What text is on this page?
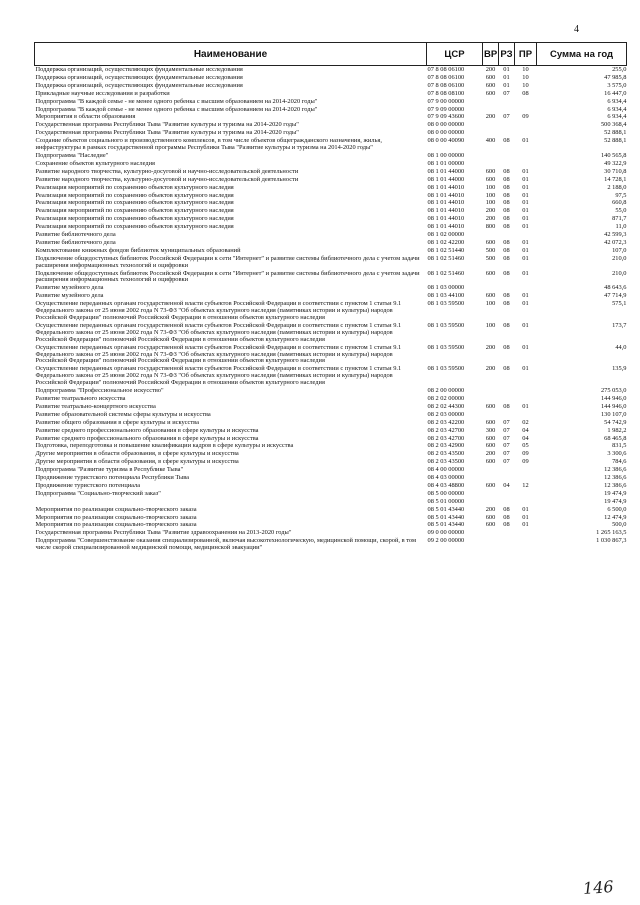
4
Наименование	ЦСР	ВР	РЗ	ПР	Сумма на год
Поддержка организаций, осуществляющих фундаментальные исследования	07 8 08 06100	200	01	10	255,0
Поддержка организаций, осуществляющих фундаментальные исследования	07 8 08 06100	600	01	10	47 985,8
Поддержка организаций, осуществляющих фундаментальные исследования	07 8 08 06100	600	01	10	3 575,0
Прикладные научные исследования и разработки	07 8 08 08100	600	07	08	16 447,0
Подпрограмма "В каждой семье - не менее одного ребенка с высшим образованием на 2014-2020 годы"	07 9 00 00000				6 934,4
Подпрограмма "В каждой семье - не менее одного ребенка с высшим образованием на 2014-2020 годы"	07 9 09 00000				6 934,4
Мероприятия в области образования	07 9 09 43600	200	07	09	6 934,4
Государственная программа Республики Тыва "Развитие культуры и туризма на 2014-2020 годы"	08 0 00 00000				500 368,4
Государственная программа Республики Тыва "Развитие культуры и туризма на 2014-2020 годы"	08 0 00 00000				52 888,1
Создание объектов социального и производственного комплексов, в том числе объектов общегражданского назначения, жилья, инфраструктуры в рамках государственной программы Республики Тыва "Развитие культуры и туризма на 2014-2020 годы"	08 0 00 40090	400	08	01	52 888,1
Подпрограмма "Наследие"	08 1 00 00000				140 565,8
Сохранение объектов культурного наследия	08 1 01 00000				49 322,9
Развитие народного творчества, культурно-досуговой и научно-исследовательской деятельности	08 1 01 44000	600	08	01	30 710,8
Развитие народного творчества, культурно-досуговой и научно-исследовательской деятельности	08 1 01 44000	600	08	01	14 728,1
Реализация мероприятий по сохранению объектов культурного наследия	08 1 01 44010	100	08	01	2 188,0
Реализация мероприятий по сохранению объектов культурного наследия	08 1 01 44010	100	08	01	97,5
Реализация мероприятий по сохранению объектов культурного наследия	08 1 01 44010	100	08	01	660,8
Реализация мероприятий по сохранению объектов культурного наследия	08 1 01 44010	200	08	01	55,0
Реализация мероприятий по сохранению объектов культурного наследия	08 1 01 44010	200	08	01	871,7
Реализация мероприятий по сохранению объектов культурного наследия	08 1 01 44010	800	08	01	11,0
Развитие библиотечного дела	08 1 02 00000				42 599,3
Развитие библиотечного дела	08 1 02 42200	600	08	01	42 072,3
Комплектование книжных фондов библиотек муниципальных образований	08 1 02 51440	500	08	01	107,0
Подключение общедоступных библиотек Российской Федерации к сети "Интернет" и развитие системы библиотечного дела с учетом задачи расширения информационных технологий и оцифровки	08 1 02 51460	500	08	01	210,0
Подключение общедоступных библиотек Российской Федерации к сети "Интернет" и развитие системы библиотечного дела с учетом задачи расширения информационных технологий и оцифровки	08 1 02 51460	600	08	01	210,0
Развитие музейного дела	08 1 03 00000				48 643,6
Развитие музейного дела	08 1 03 44100	600	08	01	47 714,9
Осуществление переданных органам государственной власти субъектов Российской Федерации в соответствии с пунктом 1 статьи 9.1 Федерального закона от 25 июня 2002 года N 73-ФЗ "Об объектах культурного наследия (памятниках истории и культуры) народов Российской Федерации" полномочий Российской Федерации в отношении объектов культурного наследия	08 1 03 59500	100	08	01	575,1
Осуществление переданных органам государственной власти субъектов Российской Федерации в соответствии с пунктом 1 статьи 9.1 Федерального закона от 25 июня 2002 года N 73-ФЗ "Об объектах культурного наследия (памятниках истории и культуры) народов Российской Федерации" полномочий Российской Федерации в отношении объектов культурного наследия	08 1 03 59500	100	08	01	173,7
Осуществление переданных органам государственной власти субъектов Российской Федерации в соответствии с пунктом 1 статьи 9.1 Федерального закона от 25 июня 2002 года N 73-ФЗ "Об объектах культурного наследия (памятниках истории и культуры) народов Российской Федерации" полномочий Российской Федерации в отношении объектов культурного наследия	08 1 03 59500	200	08	01	44,0
Осуществление переданных органам государственной власти субъектов Российской Федерации в соответствии с пунктом 1 статьи 9.1 Федерального закона от 25 июня 2002 года N 73-ФЗ "Об объектах культурного наследия (памятниках истории и культуры) народов Российской Федерации" полномочий Российской Федерации в отношении объектов культурного наследия	08 1 03 59500	200	08	01	135,9
Подпрограмма "Профессиональное искусство"	08 2 00 00000				275 053,0
Развитие театрального искусства	08 2 02 00000				144 946,0
Развитие театрально-концертного искусства	08 2 02 44300	600	08	01	144 946,0
Развитие образовательной системы сферы культуры и искусства	08 2 03 00000				130 107,0
Развитие общего образования в сфере культуры и искусства	08 2 03 42200	600	07	02	54 742,9
Развитие среднего профессионального образования в сфере культуры и искусства	08 2 03 42700	300	07	04	1 982,2
Развитие среднего профессионального образования в сфере культуры и искусства	08 2 03 42700	600	07	04	68 465,8
Подготовка, переподготовка и повышение квалификации кадров в сфере культуры и искусства	08 2 03 42900	600	07	05	831,5
Другие мероприятия в области образования, в сфере культуры и искусства	08 2 03 43500	200	07	09	3 300,6
Другие мероприятия в области образования, в сфере культуры и искусства	08 2 03 43500	600	07	09	784,6
Подпрограмма "Развитие туризма в Республике Тыва"	08 4 00 00000				12 386,6
Продвижение туристского потенциала Республики Тыва	08 4 03 00000				12 386,6
Продвижение туристского потенциала	08 4 03 48800	600	04	12	12 386,6
Подпрограмма "Социально-творческий заказ"	08 5 00 00000				19 474,9
	08 5 01 00000				19 474,9
Мероприятия по реализации социально-творческого заказа	08 5 01 43440	200	08	01	6 500,0
Мероприятия по реализации социально-творческого заказа	08 5 01 43440	600	08	01	12 474,9
Мероприятия по реализации социально-творческого заказа	08 5 01 43440	600	08	01	500,0
Государственная программа Республики Тыва "Развитие здравоохранения на 2013-2020 годы"	09 0 00 00000				1 265 163,5
Подпрограмма "Совершенствование оказания специализированной, включая высокотехнологическую, медицинской помощи, скорой, в том числе скорой специализированной медицинской помощи, медицинской эвакуации"	09 2 00 00000				1 030 867,3
146
